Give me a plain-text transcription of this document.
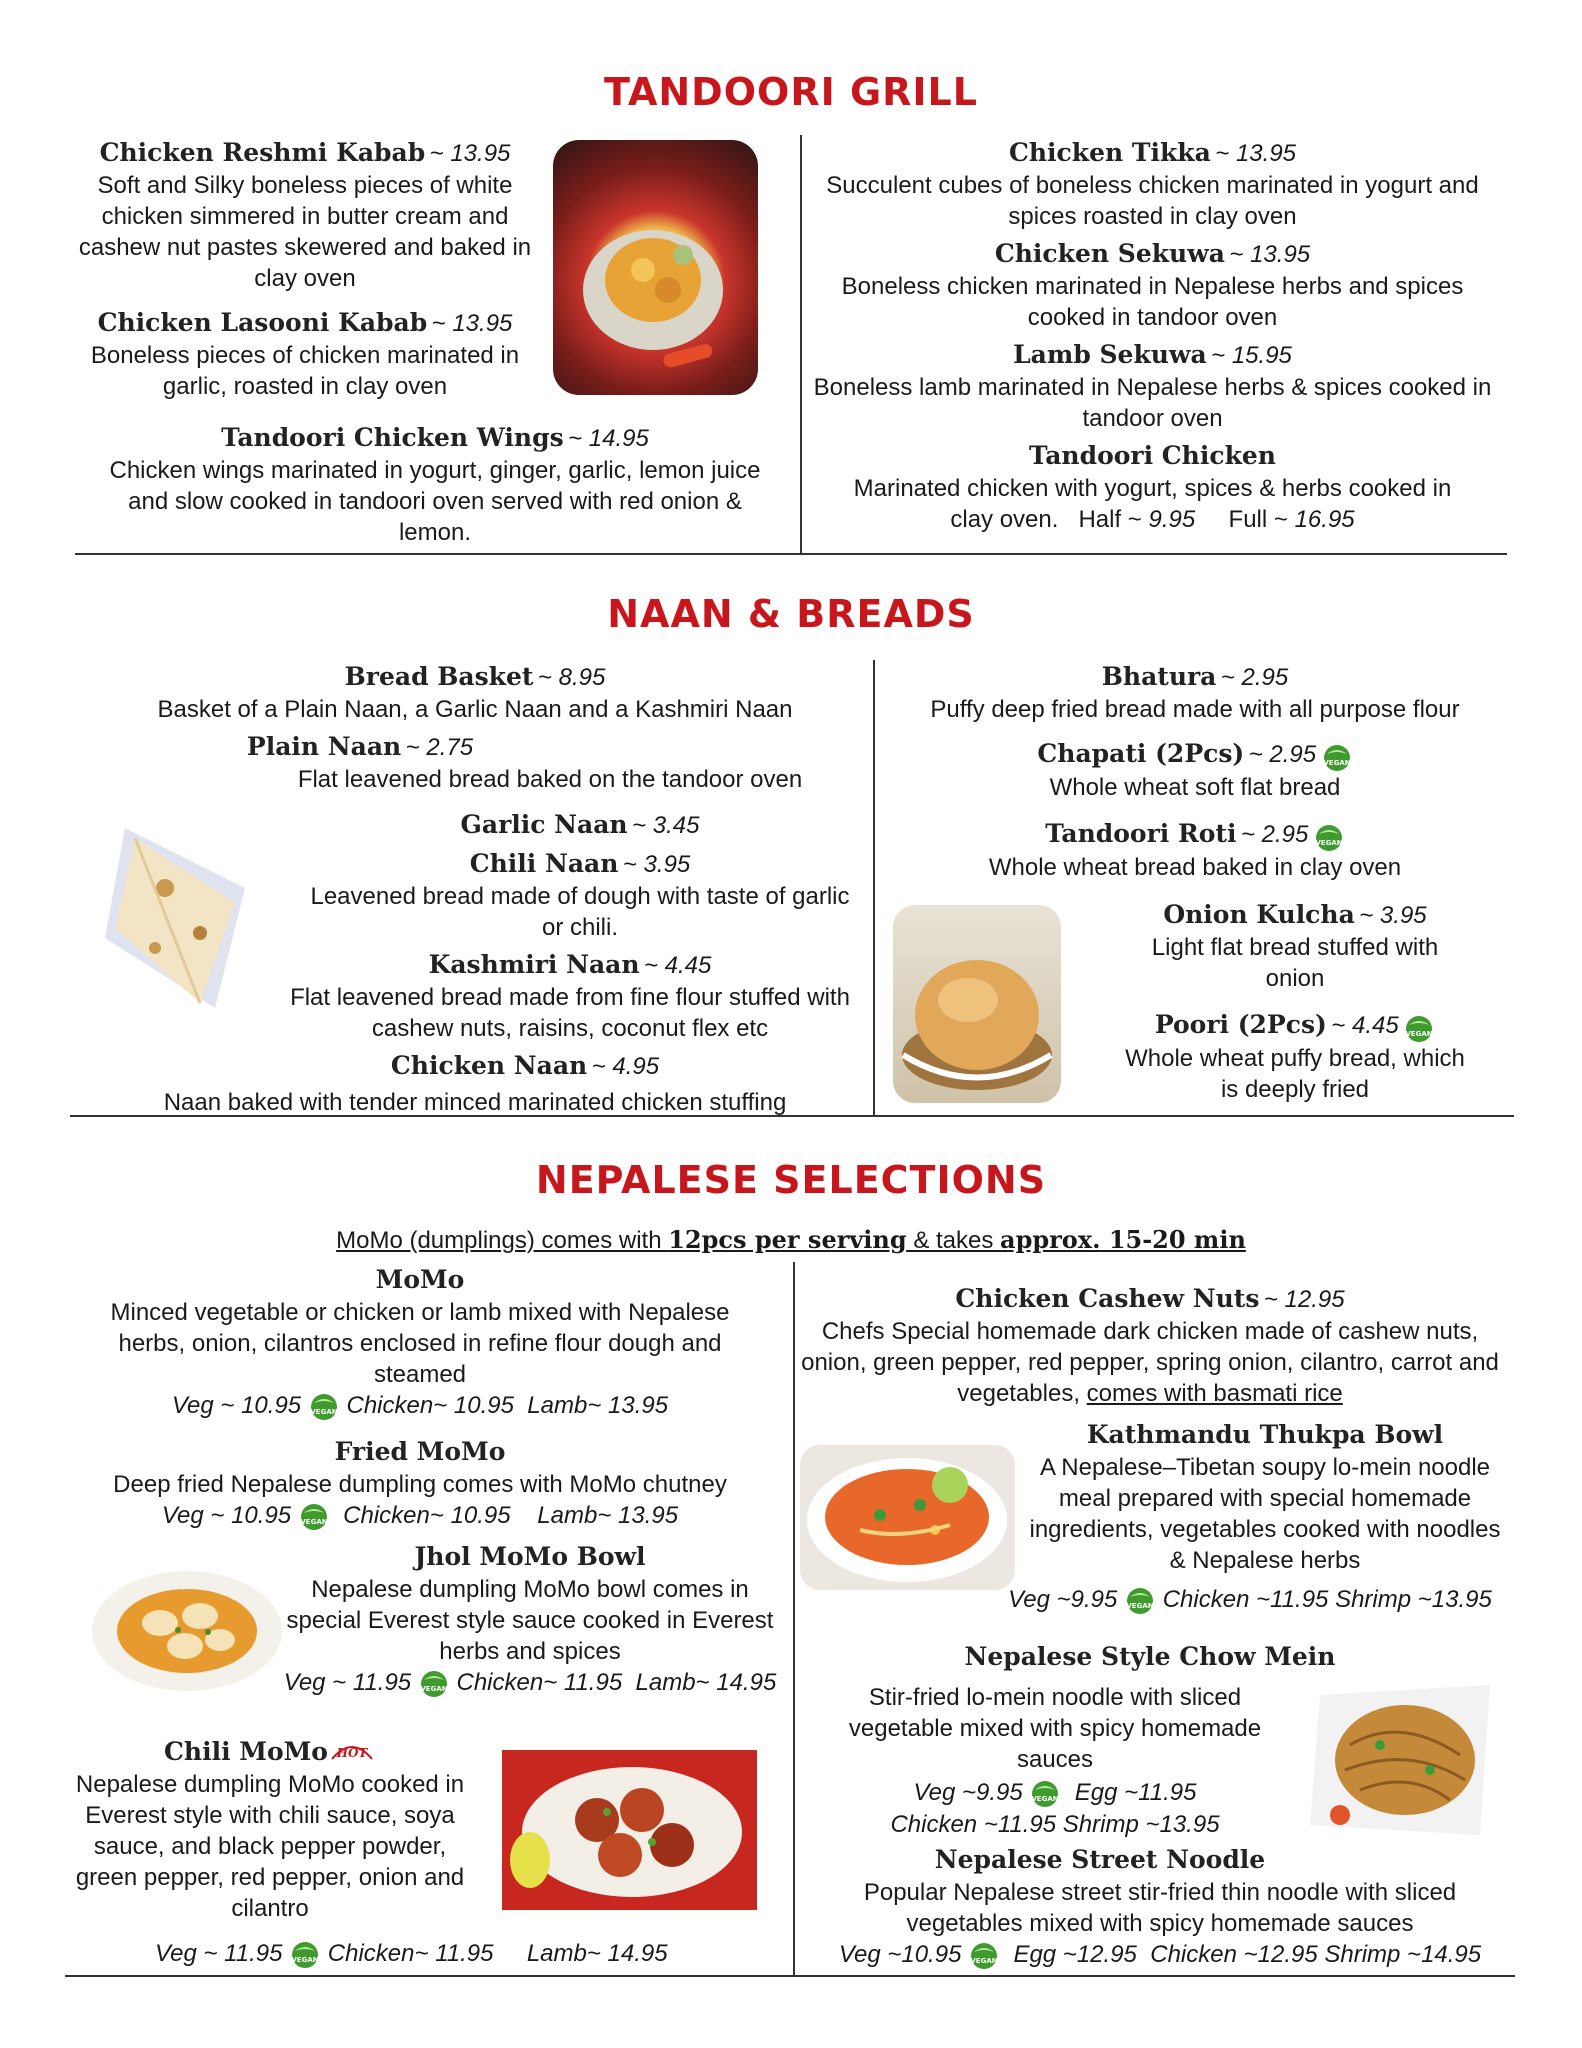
TANDOORI GRILL
Chicken Reshmi Kabab ~ 13.95
Soft and Silky boneless pieces of white chicken simmered in butter cream and cashew nut pastes skewered and baked in clay oven
Chicken Lasooni Kabab ~ 13.95
Boneless pieces of chicken marinated in garlic, roasted in clay oven
Tandoori Chicken Wings ~ 14.95
Chicken wings marinated in yogurt, ginger, garlic, lemon juice and slow cooked in tandoori oven served with red onion & lemon.
Chicken Tikka ~ 13.95
Succulent cubes of boneless chicken marinated in yogurt and spices roasted in clay oven
Chicken Sekuwa ~ 13.95
Boneless chicken marinated in Nepalese herbs and spices cooked in tandoor oven
Lamb Sekuwa ~ 15.95
Boneless lamb marinated in Nepalese herbs & spices cooked in tandoor oven
Tandoori Chicken
Marinated chicken with yogurt, spices & herbs cooked in clay oven. Half ~ 9.95 Full ~ 16.95
NAAN & BREADS
Bread Basket ~ 8.95
Basket of a Plain Naan, a Garlic Naan and a Kashmiri Naan
Plain Naan ~ 2.75
Flat leavened bread baked on the tandoor oven
Garlic Naan ~ 3.45
Chili Naan ~ 3.95
Leavened bread made of dough with taste of garlic or chili.
Kashmiri Naan ~ 4.45
Flat leavened bread made from fine flour stuffed with cashew nuts, raisins, coconut flex etc
Chicken Naan ~ 4.95
Naan baked with tender minced marinated chicken stuffing
Bhatura ~ 2.95
Puffy deep fried bread made with all purpose flour
Chapati (2Pcs) ~ 2.95
Whole wheat soft flat bread
Tandoori Roti ~ 2.95
Whole wheat bread baked in clay oven
Onion Kulcha ~ 3.95
Light flat bread stuffed with onion
Poori (2Pcs) ~ 4.45
Whole wheat puffy bread, which is deeply fried
NEPALESE SELECTIONS
MoMo (dumplings) comes with 12pcs per serving & takes approx. 15-20 min
MoMo
Minced vegetable or chicken or lamb mixed with Nepalese herbs, onion, cilantros enclosed in refine flour dough and steamed
Veg ~ 10.95 Chicken~ 10.95 Lamb~ 13.95
Fried MoMo
Deep fried Nepalese dumpling comes with MoMo chutney
Veg ~ 10.95 Chicken~ 10.95 Lamb~ 13.95
Jhol MoMo Bowl
Nepalese dumpling MoMo bowl comes in special Everest style sauce cooked in Everest herbs and spices
Veg ~ 11.95 Chicken~ 11.95 Lamb~ 14.95
Chili MoMo HOT
Nepalese dumpling MoMo cooked in Everest style with chili sauce, soya sauce, and black pepper powder, green pepper, red pepper, onion and cilantro
Veg ~ 11.95 Chicken~ 11.95 Lamb~ 14.95
Chicken Cashew Nuts ~ 12.95
Chefs Special homemade dark chicken made of cashew nuts, onion, green pepper, red pepper, spring onion, cilantro, carrot and vegetables, comes with basmati rice
Kathmandu Thukpa Bowl
A Nepalese–Tibetan soupy lo-mein noodle meal prepared with special homemade ingredients, vegetables cooked with noodles & Nepalese herbs
Veg ~9.95 Chicken ~11.95 Shrimp ~13.95
Nepalese Style Chow Mein
Stir-fried lo-mein noodle with sliced vegetable mixed with spicy homemade sauces
Veg ~9.95 Egg ~11.95
Chicken ~11.95 Shrimp ~13.95
Nepalese Street Noodle
Popular Nepalese street stir-fried thin noodle with sliced vegetables mixed with spicy homemade sauces
Veg ~10.95 Egg ~12.95 Chicken ~12.95 Shrimp ~14.95
